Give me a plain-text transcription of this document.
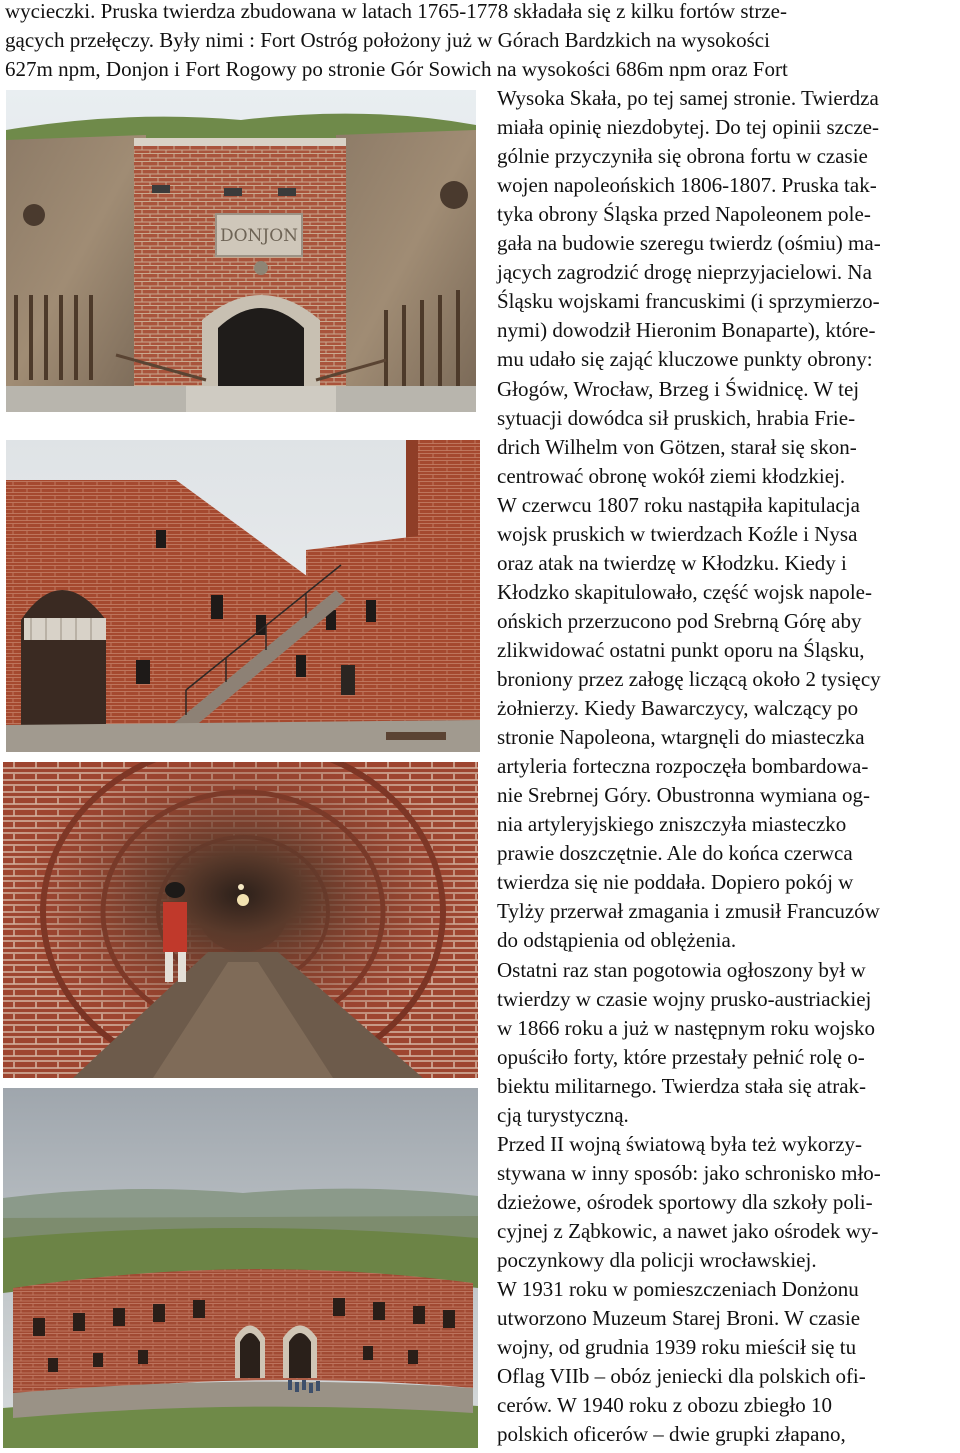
wycieczki. Pruska twierdza zbudowana w latach 1765-1778 składała się z kilku fortów strze-
gących przełęczy. Były nimi : Fort Ostróg położony już w Górach Bardzkich na wysokości
627m npm, Donjon i Fort Rogowy po stronie Gór Sowich na wysokości 686m npm oraz Fort
Wysoka Skała, po tej samej stronie. Twierdza
miała opinię niezdobytej. Do tej opinii szcze-
gólnie przyczyniła się obrona fortu w czasie
wojen napoleońskich 1806-1807. Pruska tak-
tyka obrony Śląska przed Napoleonem pole-
gała na budowie szeregu twierdz (ośmiu) ma-
jących zagrodzić drogę nieprzyjacielowi. Na
Śląsku wojskami francuskimi (i sprzymierzo-
nymi) dowodził Hieronim Bonaparte), które-
mu udało się zająć kluczowe punkty obrony:
Głogów, Wrocław, Brzeg i Świdnicę. W tej
sytuacji dowódca sił pruskich, hrabia Frie-
drich Wilhelm von Götzen, starał się skon-
centrować obronę wokół ziemi kłodzkiej.
W czerwcu 1807 roku nastąpiła kapitulacja
wojsk pruskich w twierdzach Koźle i Nysa
oraz atak na twierdzę w Kłodzku. Kiedy i
Kłodzko skapitulowało, część wojsk napole-
ońskich przerzucono pod Srebrną Górę aby
zlikwidować ostatni punkt oporu na Śląsku,
broniony przez załogę liczącą około 2 tysięcy
żołnierzy. Kiedy Bawarczycy, walczący po
stronie Napoleona, wtargnęli do miasteczka
artyleria forteczna rozpoczęła bombardowa-
nie Srebrnej Góry. Obustronna wymiana og-
nia artyleryjskiego zniszczyła miasteczko
prawie doszczętnie. Ale do końca czerwca
twierdza się nie poddała. Dopiero pokój w
Tylży przerwał zmagania i zmusił Francuzów
do odstąpienia od oblężenia.
Ostatni raz stan pogotowia ogłoszony był w
twierdzy w czasie wojny prusko-austriackiej
w 1866 roku a już w następnym roku wojsko
opuściło forty, które przestały pełnić rolę o-
biektu militarnego. Twierdza stała się atrak-
cją turystyczną.
Przed II wojną światową była też wykorzy-
stywana w inny sposób: jako schronisko mło-
dzieżowe, ośrodek sportowy dla szkoły poli-
cyjnej z Ząbkowic, a nawet jako ośrodek wy-
poczynkowy dla policji wrocławskiej.
W 1931 roku w pomieszczeniach Donżonu
utworzono Muzeum Starej Broni. W czasie
wojny, od grudnia 1939 roku mieścił się tu
Oflag VIIb – obóz jeniecki dla polskich ofi-
cerów. W 1940 roku z obozu zbiegło 10
polskich oficerów – dwie grupki złapano,
DONJON
